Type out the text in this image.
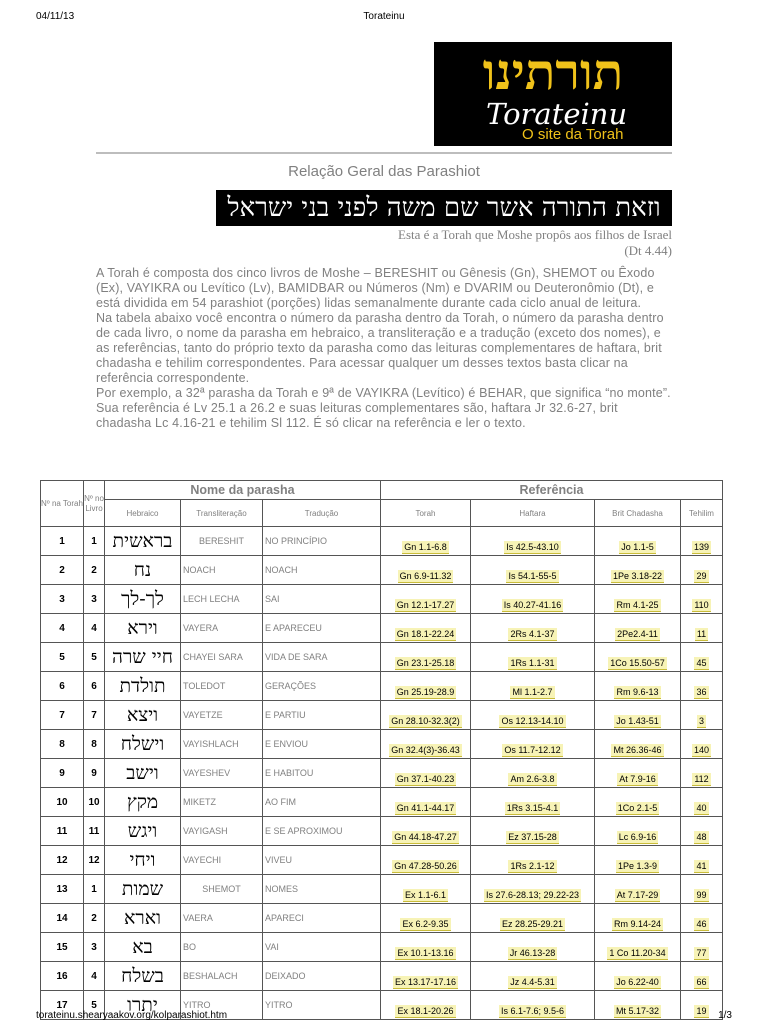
04/11/13	Torateinu
תורתינו
Torateinu
O site da Torah
Relação Geral das Parashiot
וזאת התורה אשר שם משה לפני בני ישראל
Esta é a Torah que Moshe propôs aos filhos de Israel
(Dt 4.44)

A Torah é composta dos cinco livros de Moshe – BERESHIT ou Gênesis (Gn), SHEMOT ou Êxodo (Ex), VAYIKRA ou Levítico (Lv), BAMIDBAR ou Números (Nm) e DVARIM ou Deuteronômio (Dt), e está dividida em 54 parashiot (porções) lidas semanalmente durante cada ciclo anual de leitura.

Na tabela abaixo você encontra o número da parasha dentro da Torah, o número da parasha dentro de cada livro, o nome da parasha em hebraico, a transliteração e a tradução (exceto dos nomes), e as referências, tanto do próprio texto da parasha como das leituras complementares de haftara, brit chadasha e tehilim correspondentes. Para acessar qualquer um desses textos basta clicar na referência correspondente.

Por exemplo, a 32ª parasha da Torah e 9ª de VAYIKRA (Levítico) é BEHAR, que significa “no monte”. Sua referência é Lv 25.1 a 26.2 e suas leituras complementares são, haftara Jr 32.6-27, brit chadasha Lc 4.16-21 e tehilim Sl 112. É só clicar na referência e ler o texto.

Nº na Torah	Nº no Livro	Nome da parasha			Referência			
		Hebraico	Transliteração	Tradução	Torah	Haftara	Brit Chadasha	Tehilim
1	1	בראשית	BERESHIT	NO PRINCÍPIO	Gn 1.1-6.8	Is 42.5-43.10	Jo 1.1-5	139
2	2	נח	NOACH	NOACH	Gn 6.9-11.32	Is 54.1-55-5	1Pe 3.18-22	29
3	3	לך-לך	LECH LECHA	SAI	Gn 12.1-17.27	Is 40.27-41.16	Rm 4.1-25	110
4	4	וירא	VAYERA	E APARECEU	Gn 18.1-22.24	2Rs 4.1-37	2Pe2.4-11	11
5	5	חיי שרה	CHAYEI SARA	VIDA DE SARA	Gn 23.1-25.18	1Rs 1.1-31	1Co 15.50-57	45
6	6	תולדת	TOLEDOT	GERAÇÕES	Gn 25.19-28.9	Ml 1.1-2.7	Rm 9.6-13	36
7	7	ויצא	VAYETZE	E PARTIU	Gn 28.10-32.3(2)	Os 12.13-14.10	Jo 1.43-51	3
8	8	וישלח	VAYISHLACH	E ENVIOU	Gn 32.4(3)-36.43	Os 11.7-12.12	Mt 26.36-46	140
9	9	וישב	VAYESHEV	E HABITOU	Gn 37.1-40.23	Am 2.6-3.8	At 7.9-16	112
10	10	מקץ	MIKETZ	AO FIM	Gn 41.1-44.17	1Rs 3.15-4.1	1Co 2.1-5	40
11	11	ויגש	VAYIGASH	E SE APROXIMOU	Gn 44.18-47.27	Ez 37.15-28	Lc 6.9-16	48
12	12	ויחי	VAYECHI	VIVEU	Gn 47.28-50.26	1Rs 2.1-12	1Pe 1.3-9	41
13	1	שמות	SHEMOT	NOMES	Ex 1.1-6.1	Is 27.6-28.13; 29.22-23	At 7.17-29	99
14	2	וארא	VAERA	APARECI	Ex 6.2-9.35	Ez 28.25-29.21	Rm 9.14-24	46
15	3	בא	BO	VAI	Ex 10.1-13.16	Jr 46.13-28	1 Co 11.20-34	77
16	4	בשלח	BESHALACH	DEIXADO	Ex 13.17-17.16	Jz 4.4-5.31	Jo 6.22-40	66
17	5	יתרו	YITRO	YITRO	Ex 18.1-20.26	Is 6.1-7.6; 9.5-6	Mt 5.17-32	19
torateinu.shearyaakov.org/kolparashiot.htm	1/3
